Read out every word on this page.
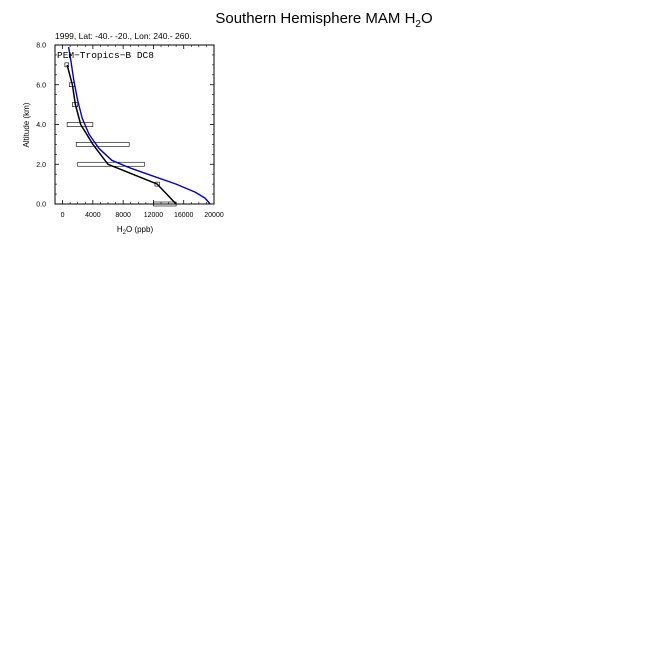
Southern Hemisphere MAM $H_2O$
1999, Lat: -40.- -20., Lon: 240.- 260.
0	4000 8000 12000 16000 20000
0.0
2.0
4.0
6.0
8.0
$H_2O$ (ppb)
Altitude (km)
PEM−Tropics−B DC8
